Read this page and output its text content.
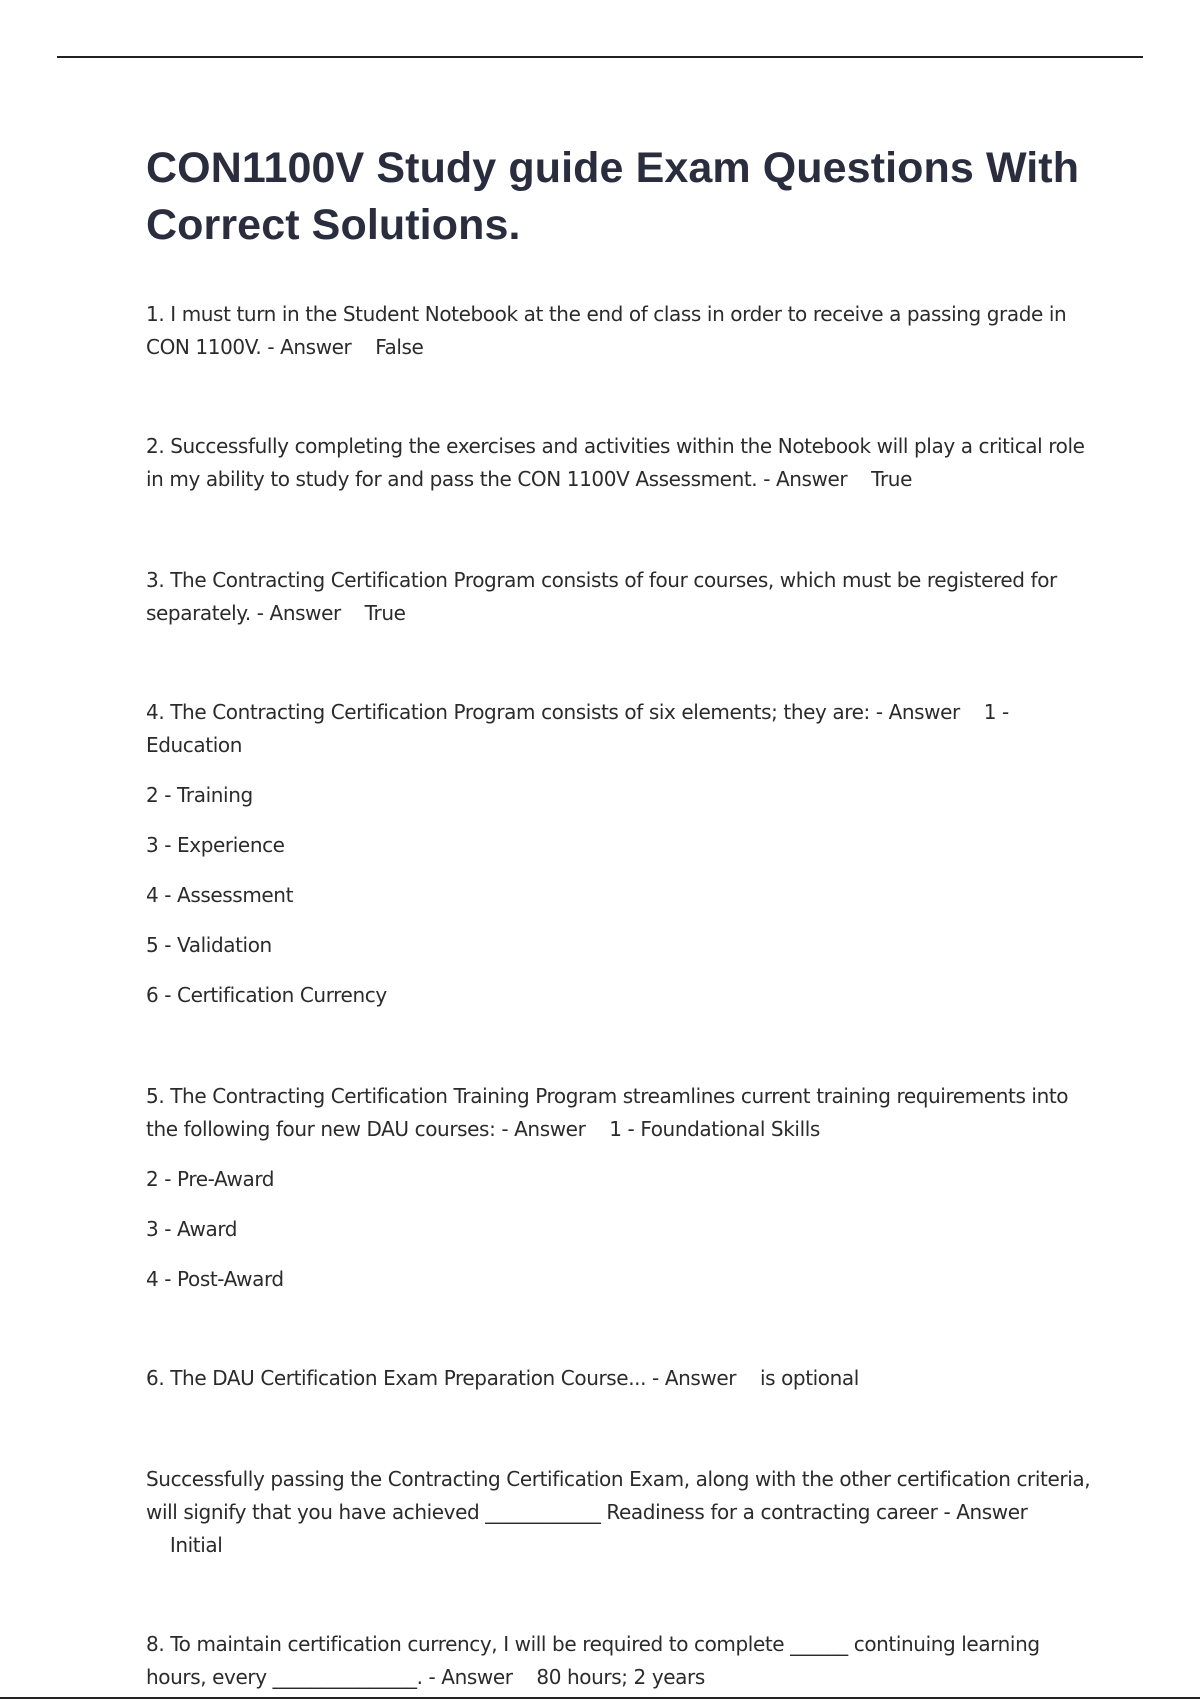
CON1100V Study guide Exam Questions With Correct Solutions.

1. I must turn in the Student Notebook at the end of class in order to receive a passing grade in CON 1100V. - Answer False

2. Successfully completing the exercises and activities within the Notebook will play a critical role in my ability to study for and pass the CON 1100V Assessment. - Answer True

3. The Contracting Certification Program consists of four courses, which must be registered for separately. - Answer True

4. The Contracting Certification Program consists of six elements; they are: - Answer 1 - Education

2 - Training

3 - Experience

4 - Assessment

5 - Validation

6 - Certification Currency

5. The Contracting Certification Training Program streamlines current training requirements into the following four new DAU courses: - Answer 1 - Foundational Skills

2 - Pre-Award

3 - Award

4 - Post-Award

6. The DAU Certification Exam Preparation Course... - Answer is optional

Successfully passing the Contracting Certification Exam, along with the other certification criteria, will signify that you have achieved ____________ Readiness for a contracting career - Answer    Initial

8. To maintain certification currency, I will be required to complete ______ continuing learning hours, every _______________. - Answer 80 hours; 2 years
